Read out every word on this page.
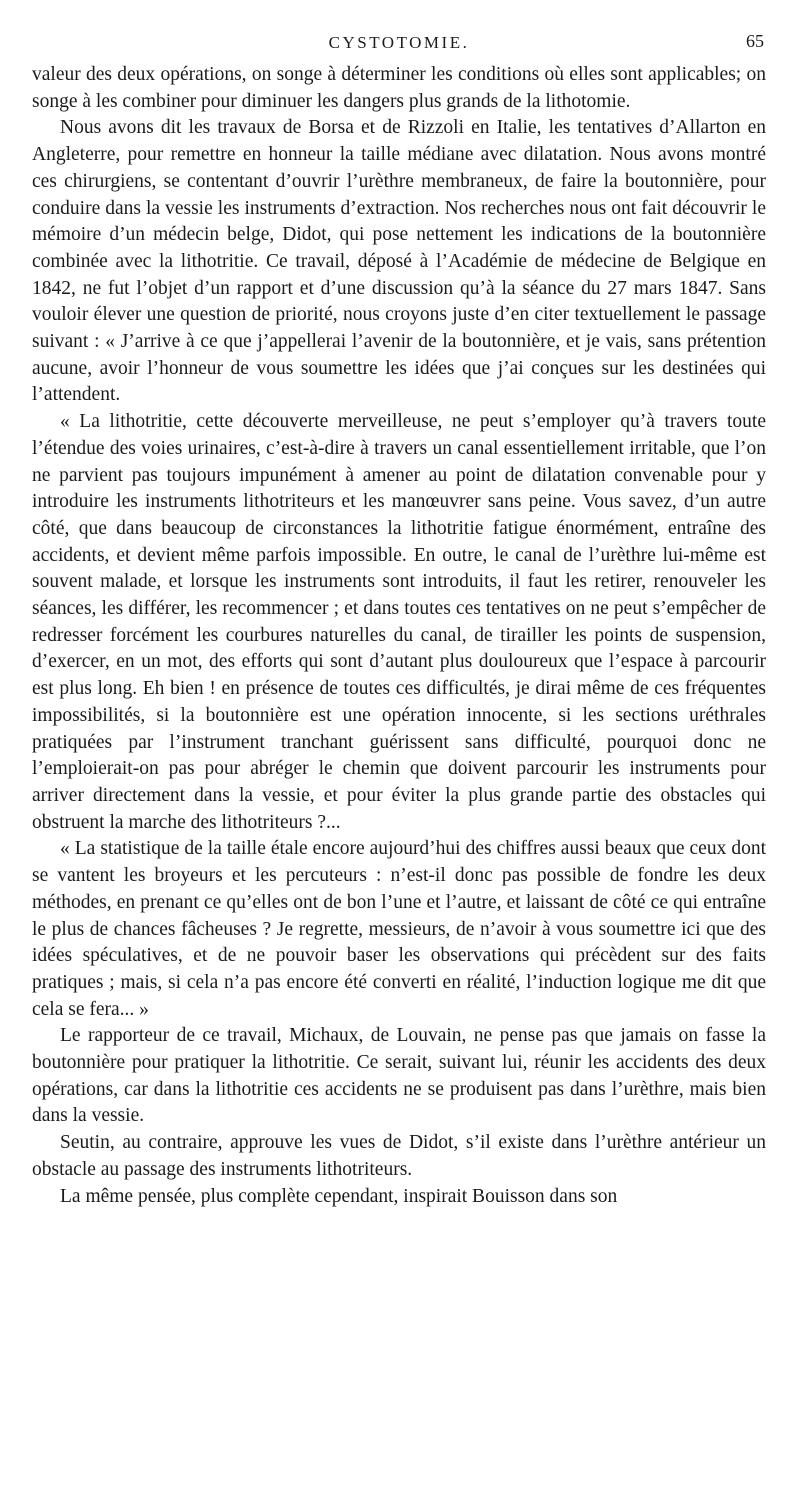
CYSTOTOMIE.	65

valeur des deux opérations, on songe à déterminer les conditions où elles sont applicables; on songe à les combiner pour diminuer les dangers plus grands de la lithotomie.

Nous avons dit les travaux de Borsa et de Rizzoli en Italie, les tentatives d’Allarton en Angleterre, pour remettre en honneur la taille médiane avec dilatation. Nous avons montré ces chirurgiens, se contentant d’ouvrir l’urèthre membraneux, de faire la boutonnière, pour conduire dans la vessie les instruments d’extraction. Nos recherches nous ont fait découvrir le mémoire d’un médecin belge, Didot, qui pose nettement les indications de la boutonnière combinée avec la lithotritie. Ce travail, déposé à l’Académie de médecine de Belgique en 1842, ne fut l’objet d’un rapport et d’une discussion qu’à la séance du 27 mars 1847. Sans vouloir élever une question de priorité, nous croyons juste d’en citer textuellement le passage suivant : « J’arrive à ce que j’appellerai l’avenir de la boutonnière, et je vais, sans prétention aucune, avoir l’honneur de vous soumettre les idées que j’ai conçues sur les destinées qui l’attendent.

« La lithotritie, cette découverte merveilleuse, ne peut s’employer qu’à travers toute l’étendue des voies urinaires, c’est-à-dire à travers un canal essentiellement irritable, que l’on ne parvient pas toujours impunément à amener au point de dilatation convenable pour y introduire les instruments lithotriteurs et les manœuvrer sans peine. Vous savez, d’un autre côté, que dans beaucoup de circonstances la lithotritie fatigue énormément, entraîne des accidents, et devient même parfois impossible. En outre, le canal de l’urèthre lui-même est souvent malade, et lorsque les instruments sont introduits, il faut les retirer, renouveler les séances, les différer, les recommencer ; et dans toutes ces tentatives on ne peut s’empêcher de redresser forcément les courbures naturelles du canal, de tirailler les points de suspension, d’exercer, en un mot, des efforts qui sont d’autant plus douloureux que l’espace à parcourir est plus long. Eh bien ! en présence de toutes ces difficultés, je dirai même de ces fréquentes impossibilités, si la boutonnière est une opération innocente, si les sections uréthrales pratiquées par l’instrument tranchant guérissent sans difficulté, pourquoi donc ne l’emploierait-on pas pour abréger le chemin que doivent parcourir les instruments pour arriver directement dans la vessie, et pour éviter la plus grande partie des obstacles qui obstruent la marche des lithotriteurs ?...

« La statistique de la taille étale encore aujourd’hui des chiffres aussi beaux que ceux dont se vantent les broyeurs et les percuteurs : n’est-il donc pas possible de fondre les deux méthodes, en prenant ce qu’elles ont de bon l’une et l’autre, et laissant de côté ce qui entraîne le plus de chances fâcheuses ? Je regrette, messieurs, de n’avoir à vous soumettre ici que des idées spéculatives, et de ne pouvoir baser les observations qui précèdent sur des faits pratiques ; mais, si cela n’a pas encore été converti en réalité, l’induction logique me dit que cela se fera... »

Le rapporteur de ce travail, Michaux, de Louvain, ne pense pas que jamais on fasse la boutonnière pour pratiquer la lithotritie. Ce serait, suivant lui, réunir les accidents des deux opérations, car dans la lithotritie ces accidents ne se produisent pas dans l’urèthre, mais bien dans la vessie.

Seutin, au contraire, approuve les vues de Didot, s’il existe dans l’urèthre antérieur un obstacle au passage des instruments lithotriteurs.

La même pensée, plus complète cependant, inspirait Bouisson dans son
